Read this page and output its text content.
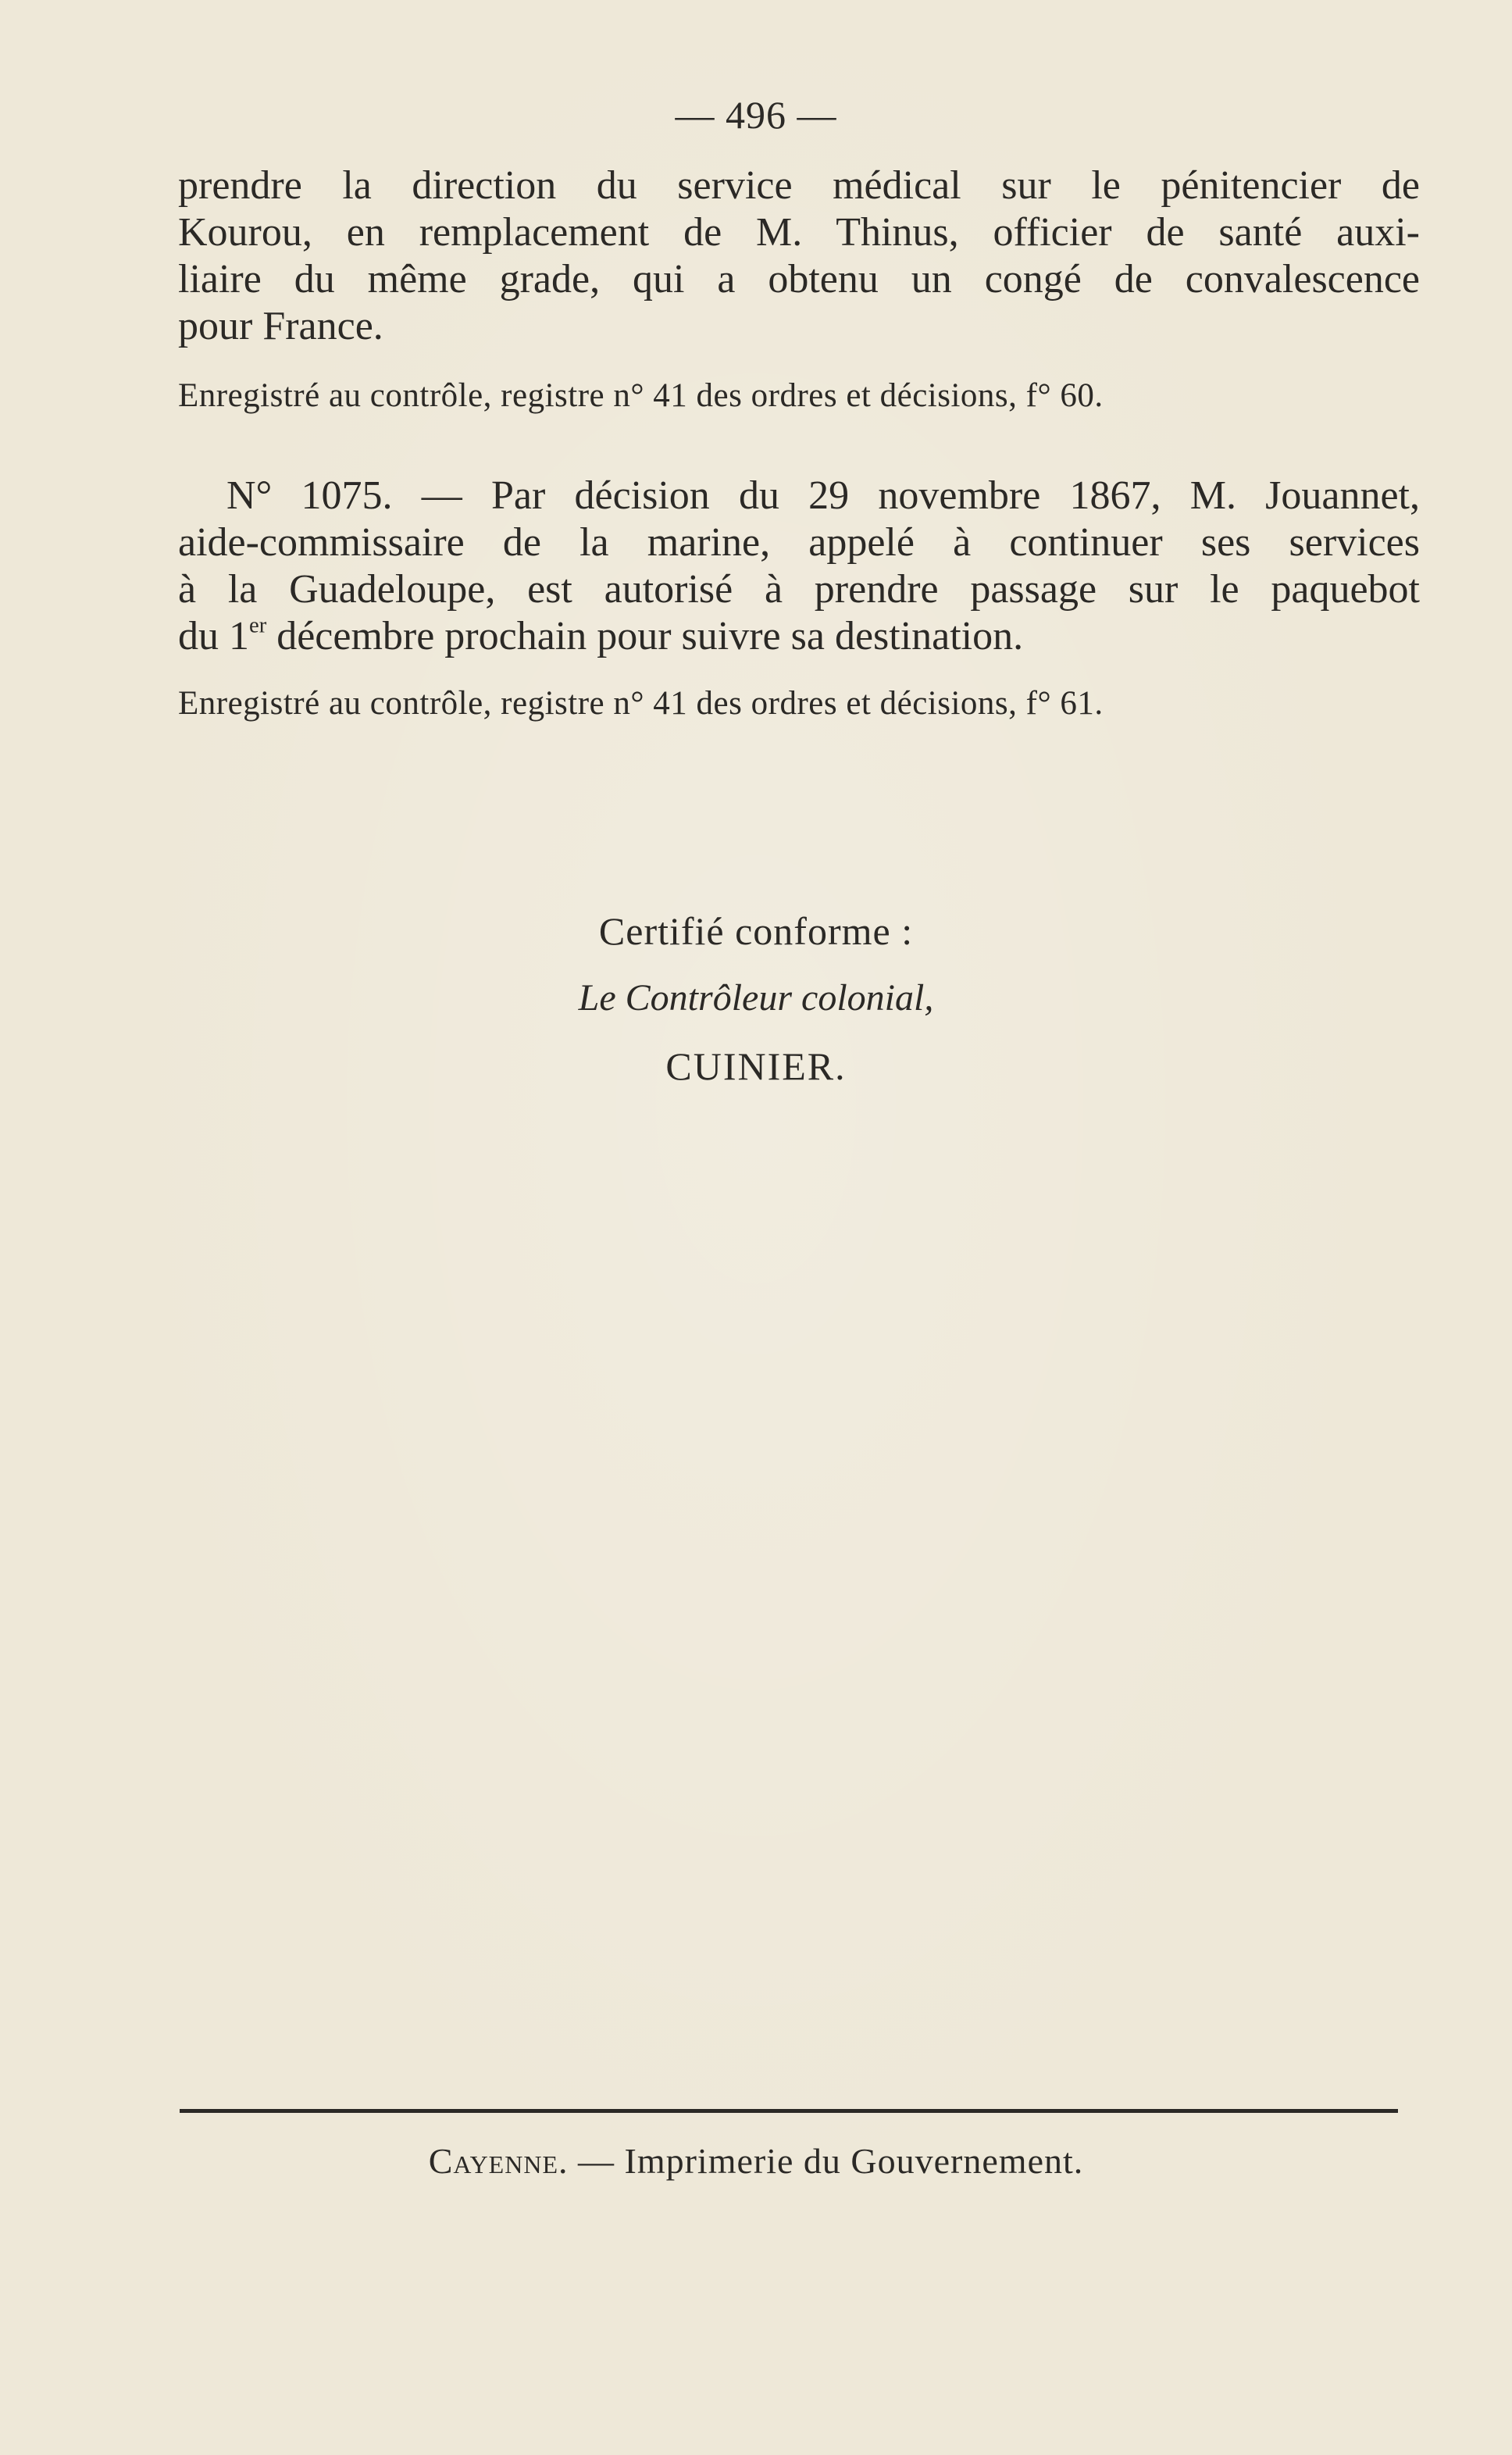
— 496 —

prendre la direction du service médical sur le pénitencier de
Kourou, en remplacement de M. Thinus, officier de santé auxi-
liaire du même grade, qui a obtenu un congé de convalescence
pour France.

Enregistré au contrôle, registre n° 41 des ordres et décisions, f° 60.

N° 1075. — Par décision du 29 novembre 1867, M. Jouannet,
aide-commissaire de la marine, appelé à continuer ses services
à la Guadeloupe, est autorisé à prendre passage sur le paquebot
du 1er décembre prochain pour suivre sa destination.

Enregistré au contrôle, registre n° 41 des ordres et décisions, f° 61.
Certifié conforme :
Le Contrôleur colonial,
CUINIER.
Cayenne. — Imprimerie du Gouvernement.
